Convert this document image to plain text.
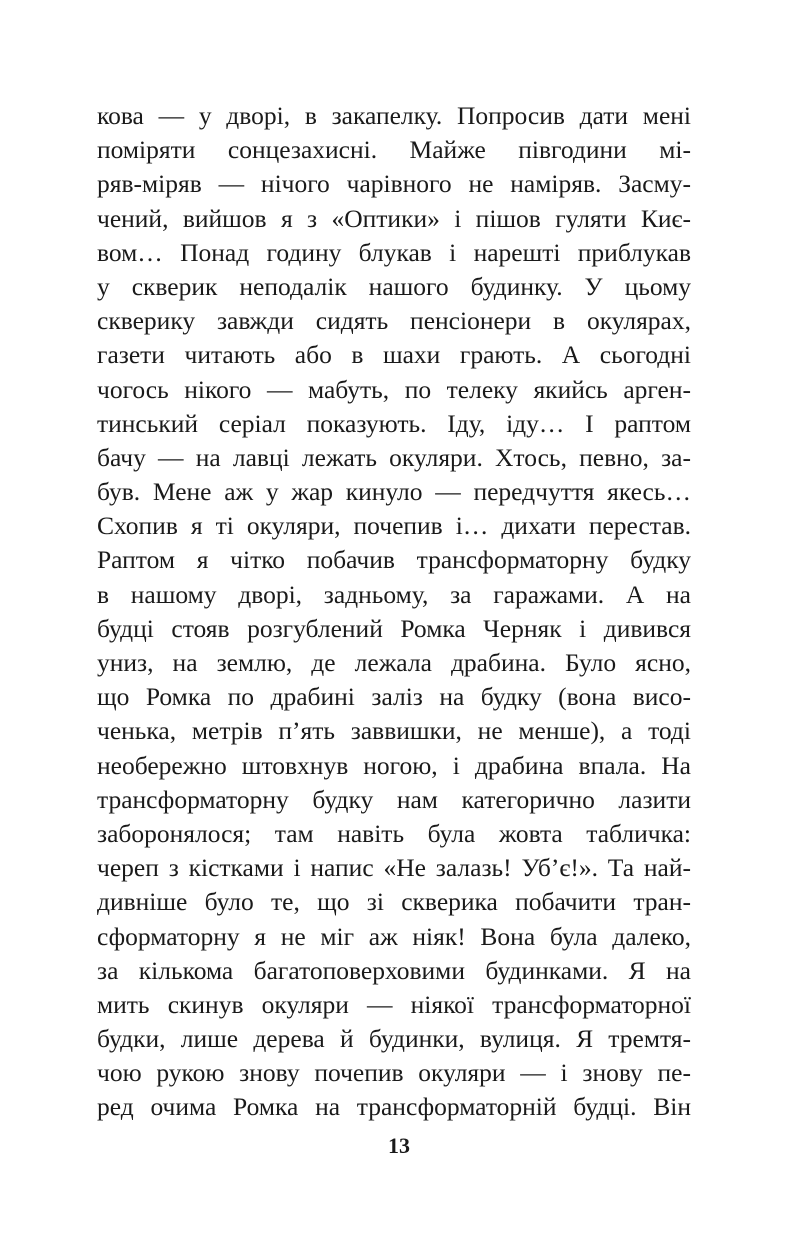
кова — у дворі, в закапелку. Попросив дати мені
поміряти сонцезахисні. Майже півгодини мі-
ряв-міряв — нічого чарівного не наміряв. Засму-
чений, вийшов я з «Оптики» і пішов гуляти Киє-
вом… Понад годину блукав і нарешті приблукав
у скверик неподалік нашого будинку. У цьому
скверику завжди сидять пенсіонери в окулярах,
газети читають або в шахи грають. А сьогодні
чогось нікого — мабуть, по телеку якийсь арген-
тинський серіал показують. Іду, іду… І раптом
бачу — на лавці лежать окуляри. Хтось, певно, за-
був. Мене аж у жар кинуло — передчуття якесь…
Схопив я ті окуляри, почепив і… дихати перестав.
Раптом я чітко побачив трансформаторну будку
в нашому дворі, задньому, за гаражами. А на
будці стояв розгублений Ромка Черняк і дивився
униз, на землю, де лежала драбина. Було ясно,
що Ромка по драбині заліз на будку (вона висо-
ченька, метрів п’ять заввишки, не менше), а тоді
необережно штовхнув ногою, і драбина впала. На
трансформаторну будку нам категорично лазити
заборонялося; там навіть була жовта табличка:
череп з кістками і напис «Не залазь! Уб’є!». Та най-
дивніше було те, що зі скверика побачити тран-
сформаторну я не міг аж ніяк! Вона була далеко,
за кількома багатоповерховими будинками. Я на
мить скинув окуляри — ніякої трансформаторної
будки, лише дерева й будинки, вулиця. Я тремтя-
чою рукою знову почепив окуляри — і знову пе-
ред очима Ромка на трансформаторній будці. Він
13
